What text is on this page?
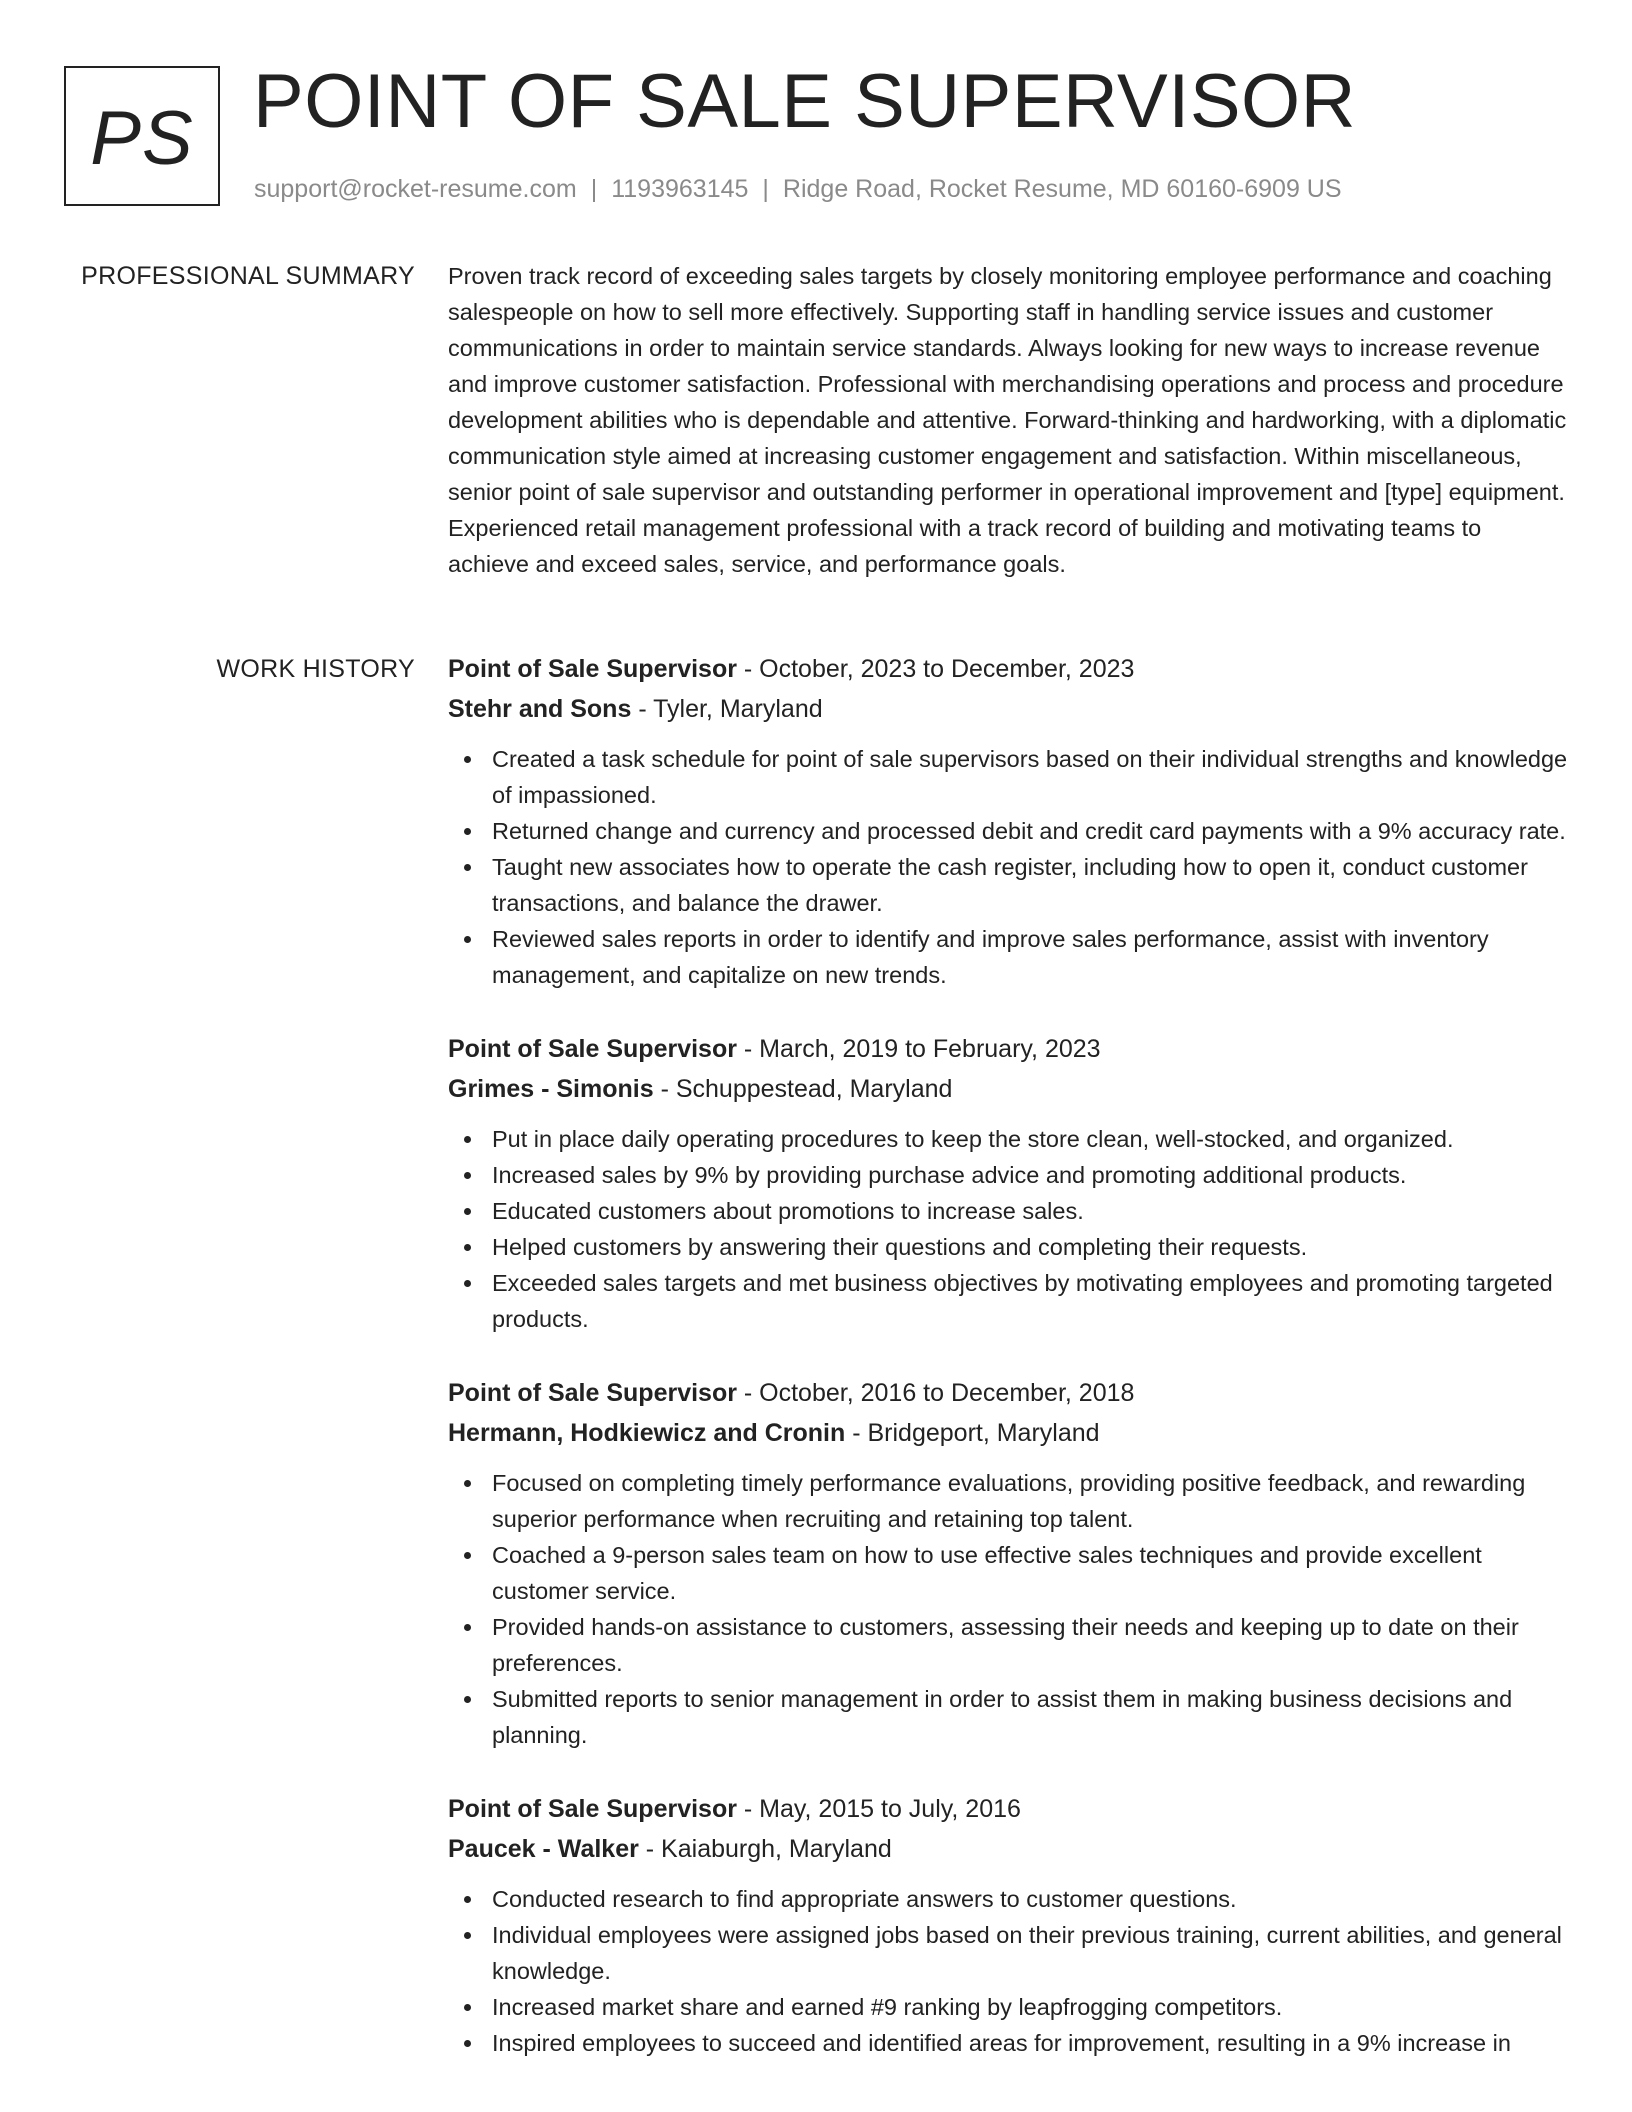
PS POINT OF SALE SUPERVISOR
support@rocket-resume.com | 1193963145 | Ridge Road, Rocket Resume, MD 60160-6909 US
PROFESSIONAL SUMMARY Proven track record of exceeding sales targets by closely monitoring employee performance and coaching salespeople on how to sell more effectively. Supporting staff in handling service issues and customer communications in order to maintain service standards. Always looking for new ways to increase revenue and improve customer satisfaction. Professional with merchandising operations and process and procedure development abilities who is dependable and attentive. Forward-thinking and hardworking, with a diplomatic communication style aimed at increasing customer engagement and satisfaction. Within miscellaneous, senior point of sale supervisor and outstanding performer in operational improvement and [type] equipment. Experienced retail management professional with a track record of building and motivating teams to achieve and exceed sales, service, and performance goals.

WORK HISTORY Point of Sale Supervisor - October, 2023 to December, 2023
Stehr and Sons - Tyler, Maryland
Created a task schedule for point of sale supervisors based on their individual strengths and knowledge of impassioned.
Returned change and currency and processed debit and credit card payments with a 9% accuracy rate.
Taught new associates how to operate the cash register, including how to open it, conduct customer transactions, and balance the drawer.
Reviewed sales reports in order to identify and improve sales performance, assist with inventory management, and capitalize on new trends.
Point of Sale Supervisor - March, 2019 to February, 2023
Grimes - Simonis - Schuppestead, Maryland
Put in place daily operating procedures to keep the store clean, well-stocked, and organized.
Increased sales by 9% by providing purchase advice and promoting additional products.
Educated customers about promotions to increase sales.
Helped customers by answering their questions and completing their requests.
Exceeded sales targets and met business objectives by motivating employees and promoting targeted products.
Point of Sale Supervisor - October, 2016 to December, 2018
Hermann, Hodkiewicz and Cronin - Bridgeport, Maryland
Focused on completing timely performance evaluations, providing positive feedback, and rewarding superior performance when recruiting and retaining top talent.
Coached a 9-person sales team on how to use effective sales techniques and provide excellent customer service.
Provided hands-on assistance to customers, assessing their needs and keeping up to date on their preferences.
Submitted reports to senior management in order to assist them in making business decisions and planning.
Point of Sale Supervisor - May, 2015 to July, 2016
Paucek - Walker - Kaiaburgh, Maryland
Conducted research to find appropriate answers to customer questions.
Individual employees were assigned jobs based on their previous training, current abilities, and general knowledge.
Increased market share and earned #9 ranking by leapfrogging competitors.
Inspired employees to succeed and identified areas for improvement, resulting in a 9% increase in
